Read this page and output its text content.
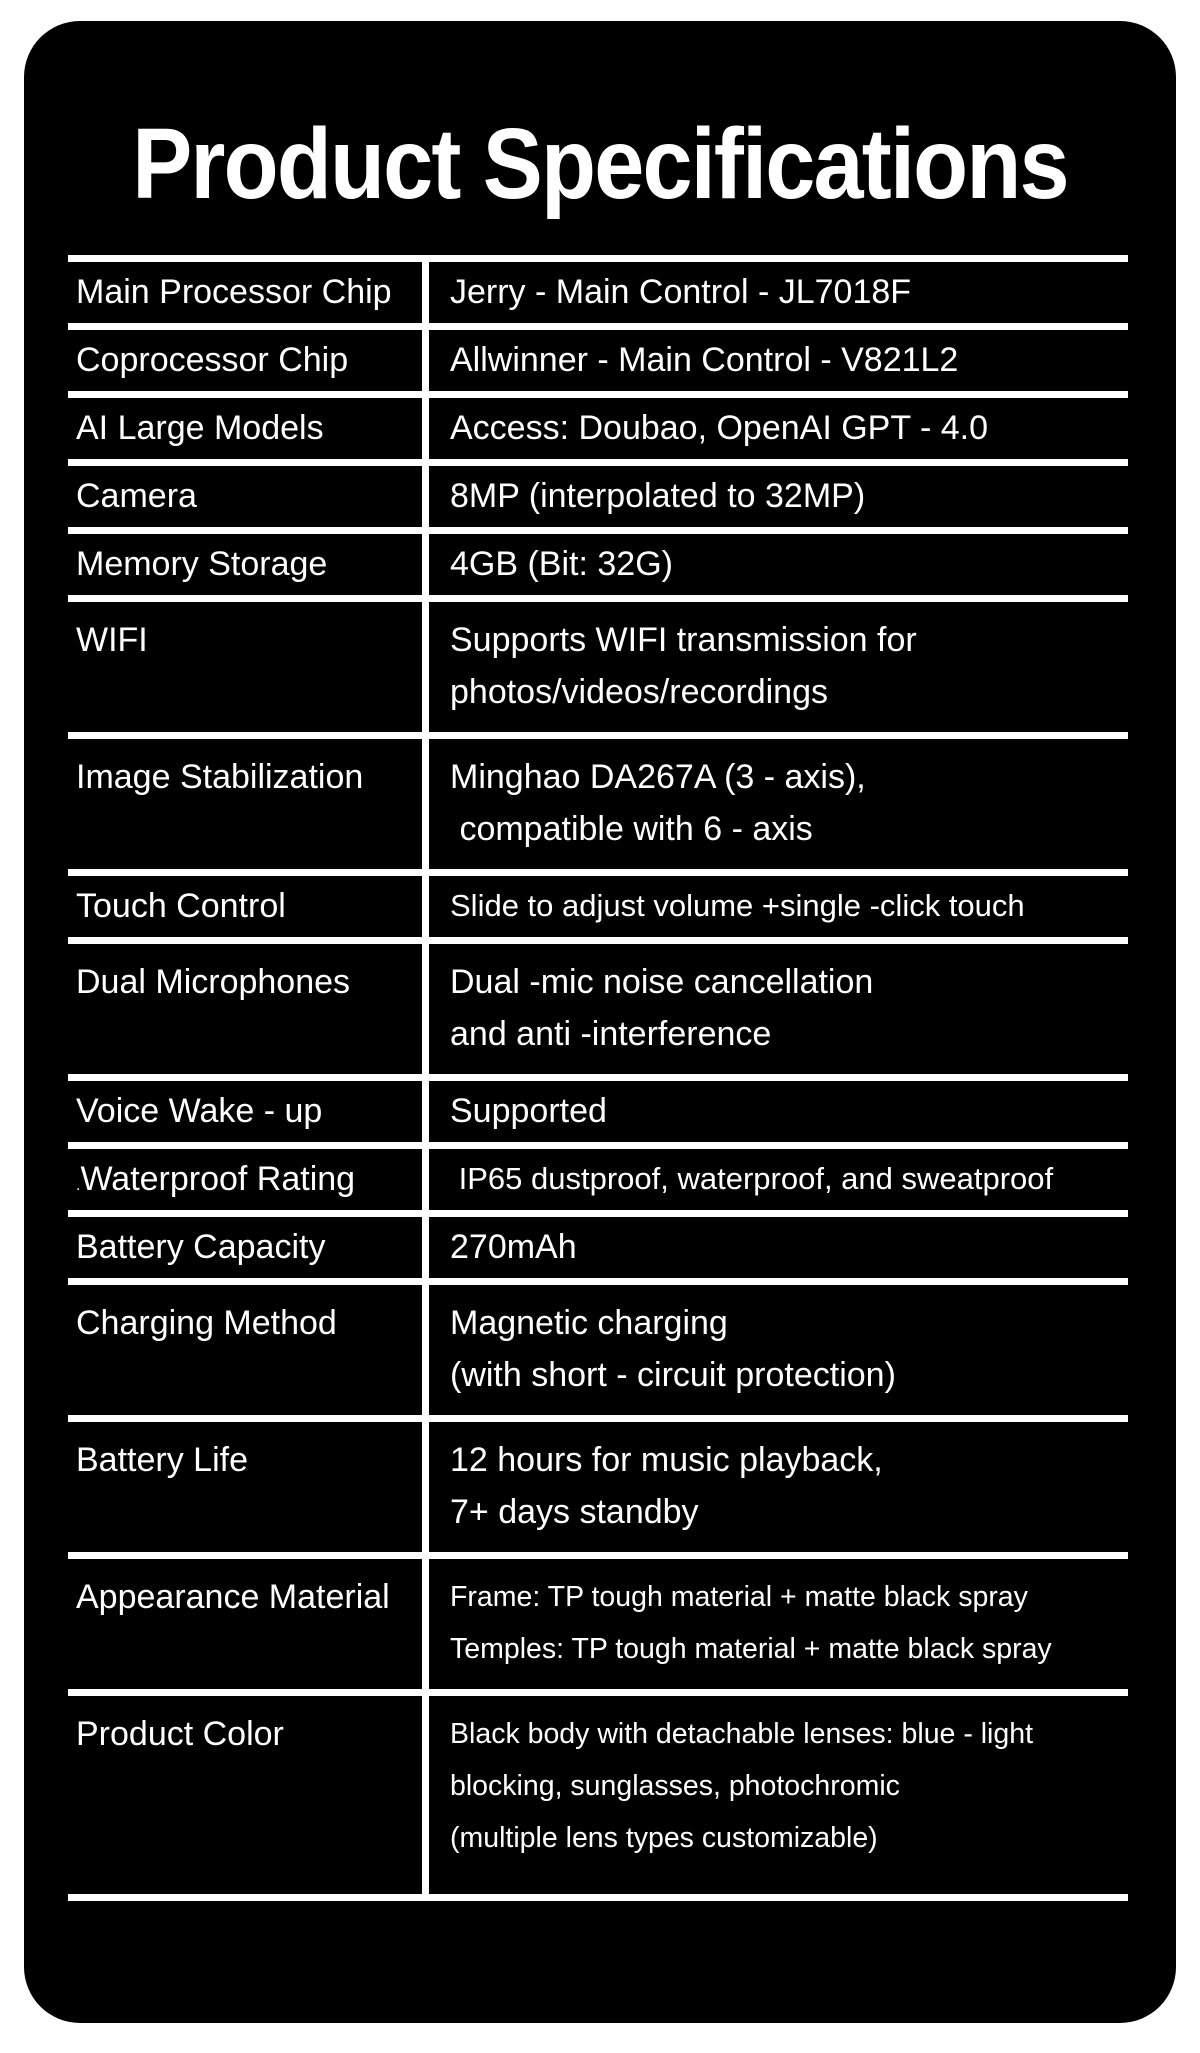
Product Specifications
Main Processor Chip	Jerry - Main Control - JL7018F
Coprocessor Chip	Allwinner - Main Control - V821L2
AI Large Models	Access: Doubao, OpenAI GPT - 4.0
Camera	8MP (interpolated to 32MP)
Memory Storage	4GB (Bit: 32G)
WIFI	Supports WIFI transmission for
photos/videos/recordings
Image Stabilization	Minghao DA267A (3 - axis),
compatible with 6 - axis
Touch Control	Slide to adjust volume +single -click touch
Dual Microphones	Dual -mic noise cancellation
and anti -interference
Voice Wake - up	Supported
.Waterproof Rating	IP65 dustproof, waterproof, and sweatproof
Battery Capacity	270mAh
Charging Method	Magnetic charging
(with short - circuit protection)
Battery Life	12 hours for music playback,
7+ days standby
Appearance Material	Frame: TP tough material + matte black spray
Temples: TP tough material + matte black spray
Product Color	Black body with detachable lenses: blue - light
blocking, sunglasses, photochromic
(multiple lens types customizable)
